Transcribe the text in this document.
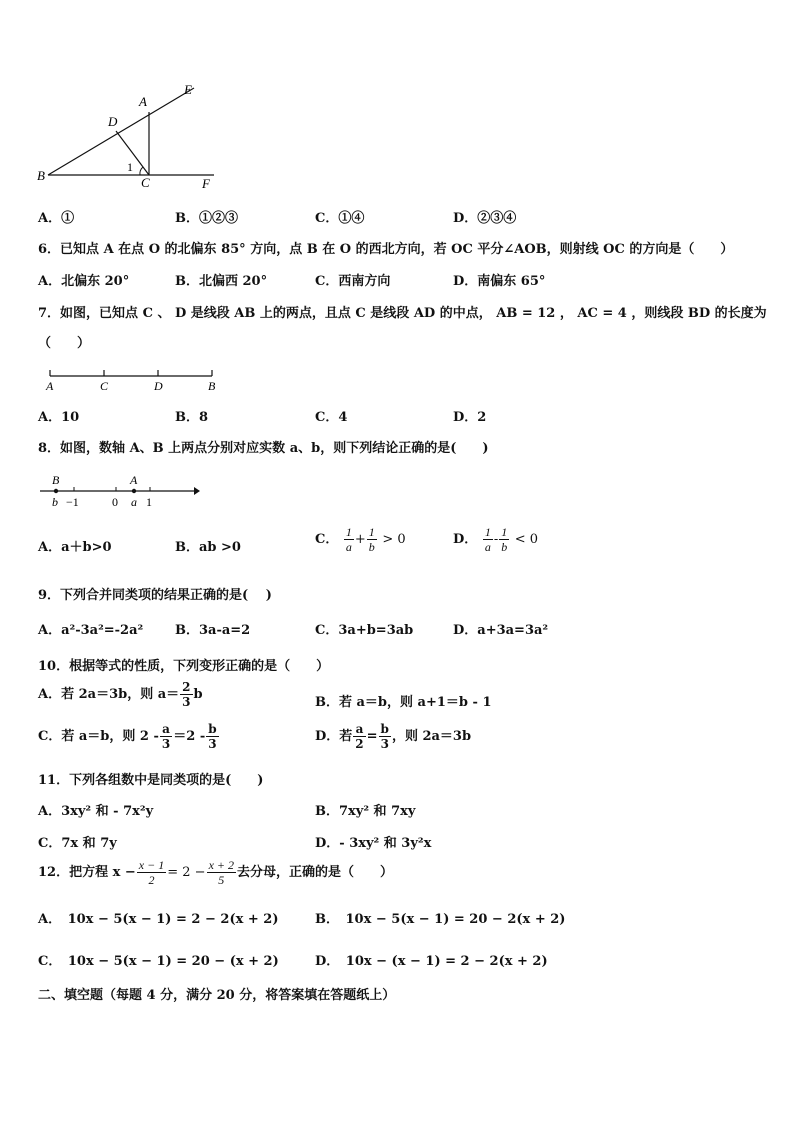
E
A
D
B	C	F
1
A．①	B．①②③	C．①④	D．②③④
6．已知点 A 在点 O 的北偏东 85° 方向，点 B 在 O 的西北方向，若 OC 平分∠AOB，则射线 OC 的方向是（　　）
A．北偏东 20°	B．北偏西 20°	C．西南方向	D．南偏东 65°
7．如图，已知点 C 、 D 是线段 AB 上的两点，且点 C 是线段 AD 的中点， AB = 12 ， AC = 4 ，则线段 BD 的长度为
（　　）
A	C	D	B
A．10	B．8	C．4	D．2
8．如图，数轴 A、B 上两点分别对应实数 a、b，则下列结论正确的是(　　)
B	A
b −1	0 a 1
A．a＋b>0	B．ab >0
C． $\frac{1}{a} + \frac{1}{b} > 0$	D． $\frac{1}{a} - \frac{1}{b} < 0$
9．下列合并同类项的结果正确的是(　 )
A．a²-3a²=-2a² B．3a-a=2	C．3a+b=3ab	D．a+3a=3a²
10．根据等式的性质，下列变形正确的是（　　）
A．若 2a＝3b，则 $a= \frac{2}{3}$ b
B．若 a＝b，则 a+1＝b - 1
C．若 a＝b，则 $2 - \frac{a}{3} =2 - \frac{b}{3}$	D．若 $\frac{a}{2} = \frac{b}{3}$ ，则 2a＝3b
11．下列各组数中是同类项的是(　　)
A．3xy² 和 - 7x²y	B．7xy² 和 7xy
C．7x 和 7y	D．- 3xy² 和 3y²x
12．把方程 $x - \frac{x - 1}{2} = 2 - \frac{x + 2}{5}$ 去分母，正确的是（　　）
A．　10x − 5(x − 1) = 2 − 2(x + 2)	B．　10x − 5(x − 1) = 20 − 2(x + 2)
C．　10x − 5(x − 1) = 20 − (x + 2)	D．　10x − (x − 1) = 2 − 2(x + 2)
二、填空题（每题 4 分，满分 20 分，将答案填在答题纸上）
